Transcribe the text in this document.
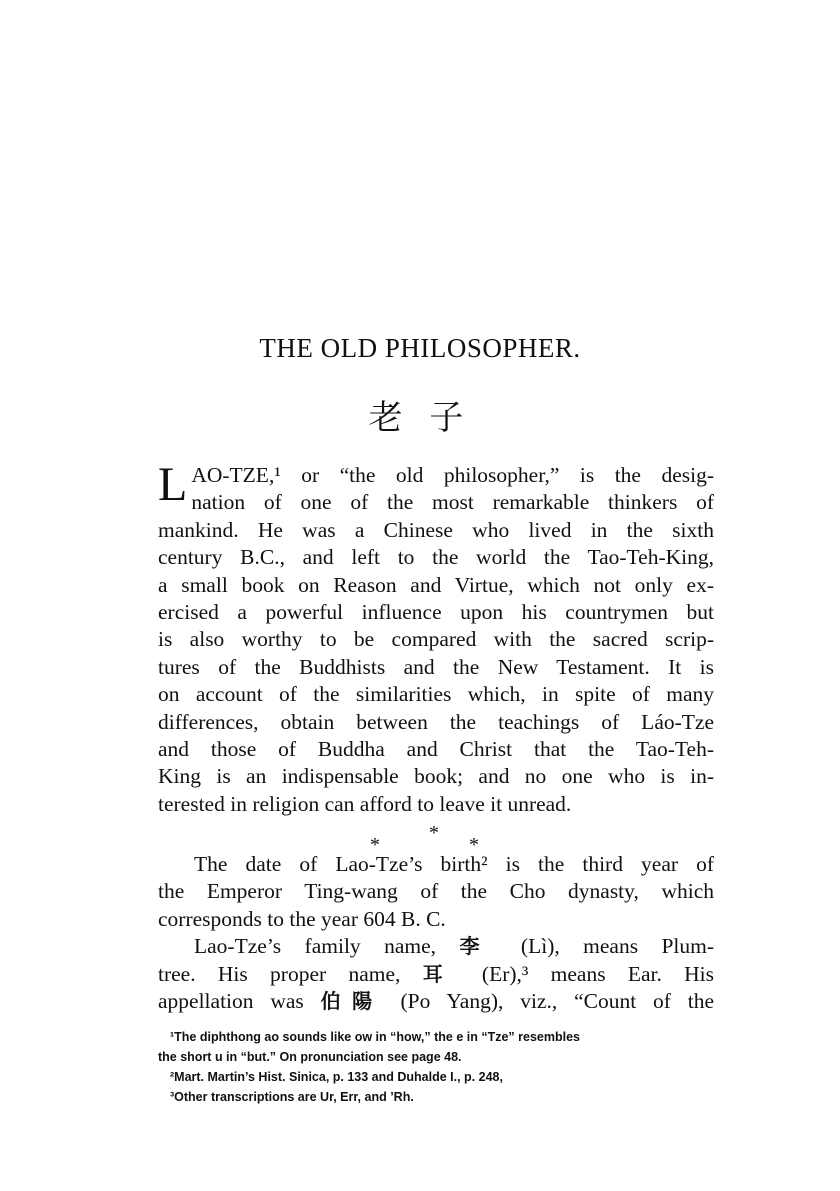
THE OLD PHILOSOPHER.
老 子
L AO-TZE,¹ or “the old philosopher,” is the desig-
nation of one of the most remarkable thinkers of
mankind. He was a Chinese who lived in the sixth
century B.C., and left to the world the Tao-Teh-King,
a small book on Reason and Virtue, which not only ex-
ercised a powerful influence upon his countrymen but
is also worthy to be compared with the sacred scrip-
tures of the Buddhists and the New Testament. It is
on account of the similarities which, in spite of many
differences, obtain between the teachings of Láo-Tze
and those of Buddha and Christ that the Tao-Teh-
King is an indispensable book; and no one who is in-
terested in religion can afford to leave it unread.
*
*
*
The date of Lao-Tze’s birth² is the third year of
the Emperor Ting-wang of the Cho dynasty, which
corresponds to the year 604 B. C.
Lao-Tze’s family name, 李 (Lì), means Plum-
tree. His proper name, 耳 (Er),³ means Ear. His
appellation was 伯陽 (Po Yang), viz., “Count of the
¹The diphthong ao sounds like ow in “how,” the e in “Tze” resembles
the short u in “but.” On pronunciation see page 48.
²Mart. Martin’s Hist. Sinica, p. 133 and Duhalde I., p. 248,
³Other transcriptions are Ur, Err, and ’Rh.
